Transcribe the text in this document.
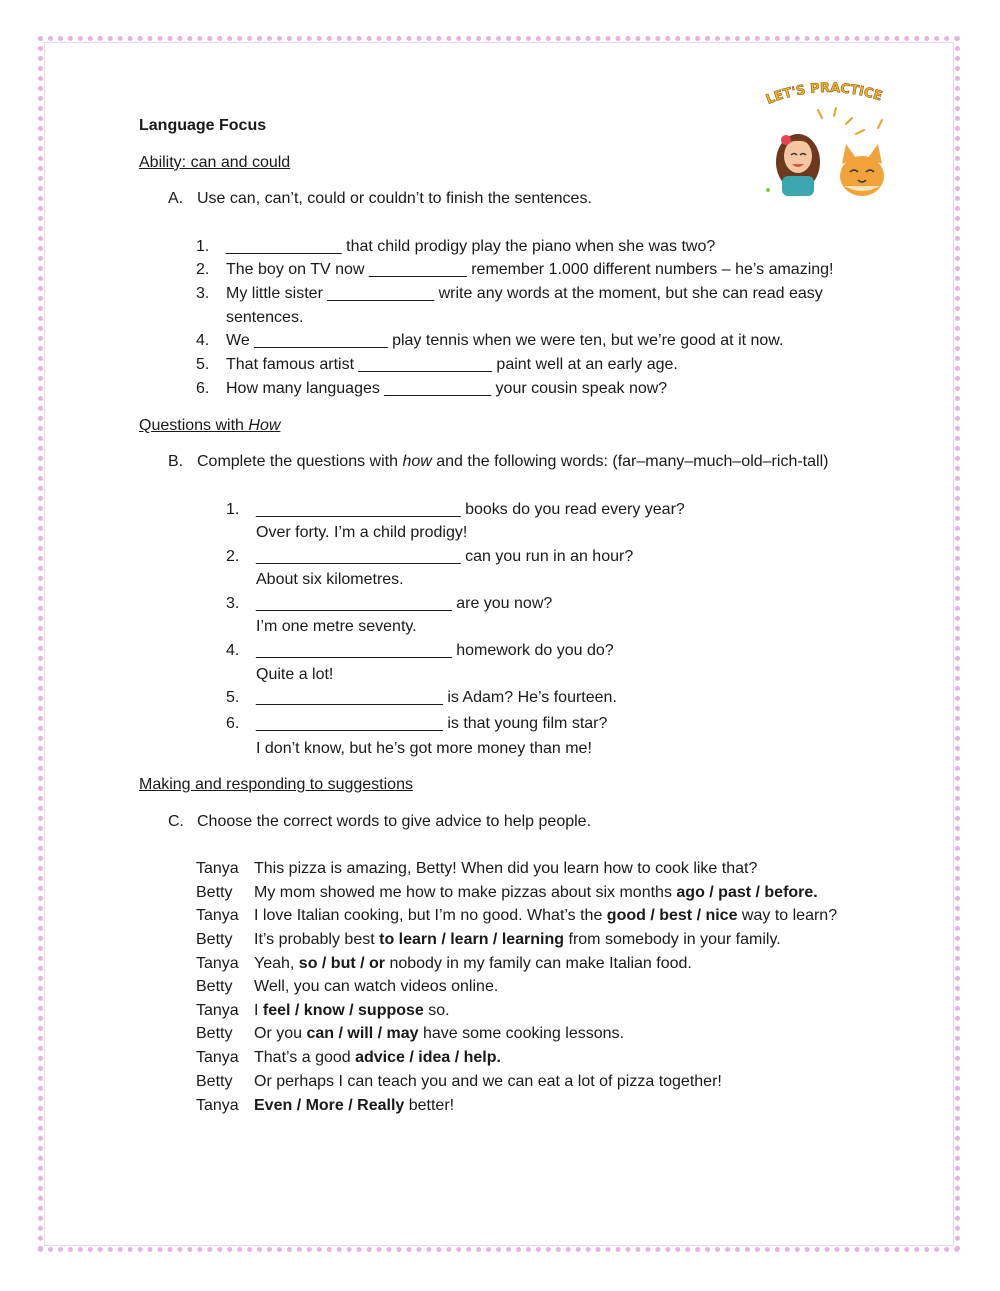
LET'S PRACTICE
Language Focus
Ability: can and could
A. Use can, can’t, could or couldn’t to finish the sentences.
1. _____________ that child prodigy play the piano when she was two?
2. The boy on TV now ___________ remember 1.000 different numbers – he’s amazing!
3. My little sister ____________ write any words at the moment, but she can read easy
sentences.
4. We _______________ play tennis when we were ten, but we’re good at it now.
5. That famous artist _______________ paint well at an early age.
6. How many languages ____________ your cousin speak now?
Questions with How
B. Complete the questions with how and the following words: (far–many–much–old–rich-tall)
1. _______________________ books do you read every year?
Over forty. I’m a child prodigy!
2. _______________________ can you run in an hour?
About six kilometres.
3. ______________________ are you now?
I’m one metre seventy.
4. ______________________ homework do you do?
Quite a lot!
5. _____________________ is Adam? He’s fourteen.
6. _____________________ is that young film star?
I don’t know, but he’s got more money than me!
Making and responding to suggestions
C. Choose the correct words to give advice to help people.
Tanya This pizza is amazing, Betty! When did you learn how to cook like that?
Betty My mom showed me how to make pizzas about six months ago / past / before.
Tanya I love Italian cooking, but I’m no good. What’s the good / best / nice way to learn?
Betty It’s probably best to learn / learn / learning from somebody in your family.
Tanya Yeah, so / but / or nobody in my family can make Italian food.
Betty Well, you can watch videos online.
Tanya I feel / know / suppose so.
Betty Or you can / will / may have some cooking lessons.
Tanya That’s a good advice / idea / help.
Betty Or perhaps I can teach you and we can eat a lot of pizza together!
Tanya Even / More / Really better!
